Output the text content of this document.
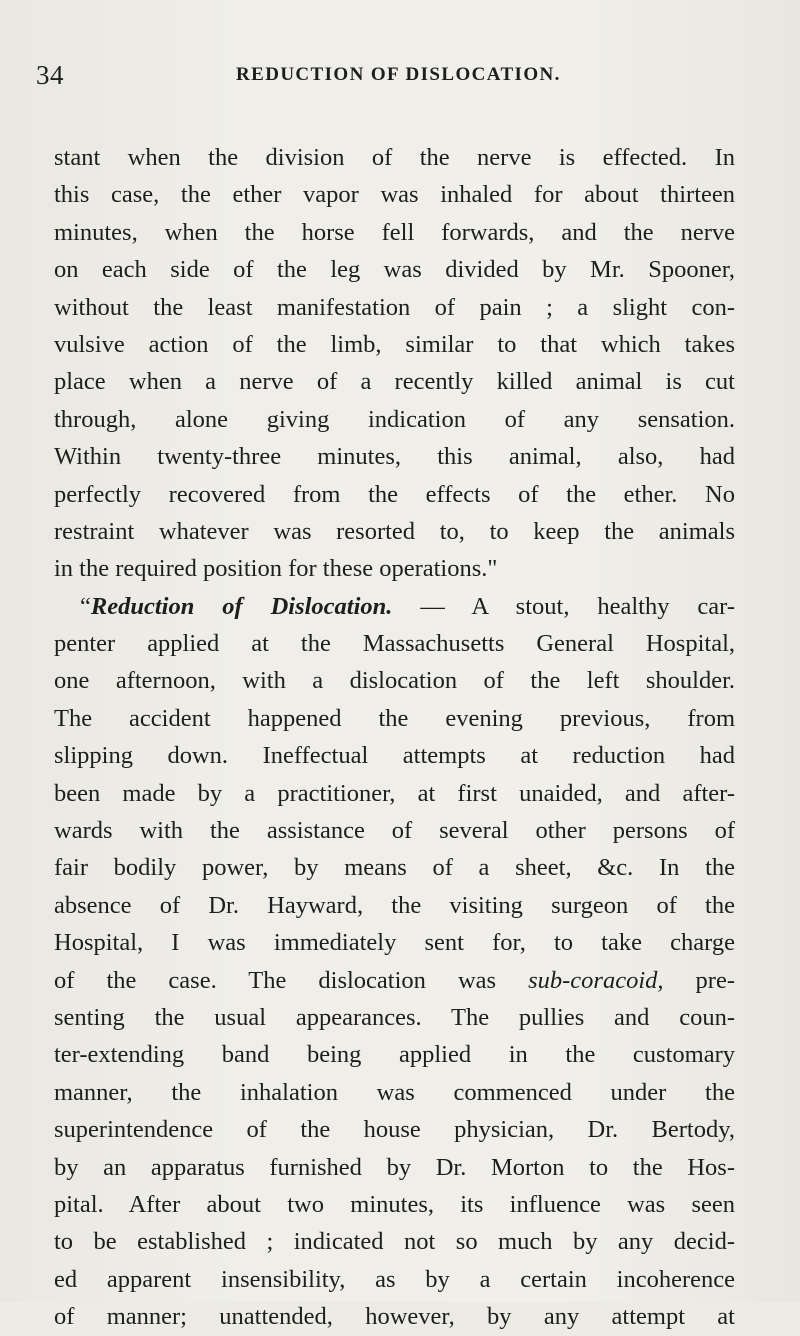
34	REDUCTION OF DISLOCATION.
stant when the division of the nerve is effected. In
this case, the ether vapor was inhaled for about thirteen
minutes, when the horse fell forwards, and the nerve
on each side of the leg was divided by Mr. Spooner,
without the least manifestation of pain ; a slight con-
vulsive action of the limb, similar to that which takes
place when a nerve of a recently killed animal is cut
through, alone giving indication of any sensation.
Within twenty-three minutes, this animal, also, had
perfectly recovered from the effects of the ether. No
restraint whatever was resorted to, to keep the animals
in the required position for these operations."
“Reduction of Dislocation. — A stout, healthy car-
penter applied at the Massachusetts General Hospital,
one afternoon, with a dislocation of the left shoulder.
The accident happened the evening previous, from
slipping down. Ineffectual attempts at reduction had
been made by a practitioner, at first unaided, and after-
wards with the assistance of several other persons of
fair bodily power, by means of a sheet, &c. In the
absence of Dr. Hayward, the visiting surgeon of the
Hospital, I was immediately sent for, to take charge
of the case. The dislocation was sub-coracoid, pre-
senting the usual appearances. The pullies and coun-
ter-extending band being applied in the customary
manner, the inhalation was commenced under the
superintendence of the house physician, Dr. Bertody,
by an apparatus furnished by Dr. Morton to the Hos-
pital. After about two minutes, its influence was seen
to be established ; indicated not so much by any decid-
ed apparent insensibility, as by a certain incoherence
of manner; unattended, however, by any attempt at
